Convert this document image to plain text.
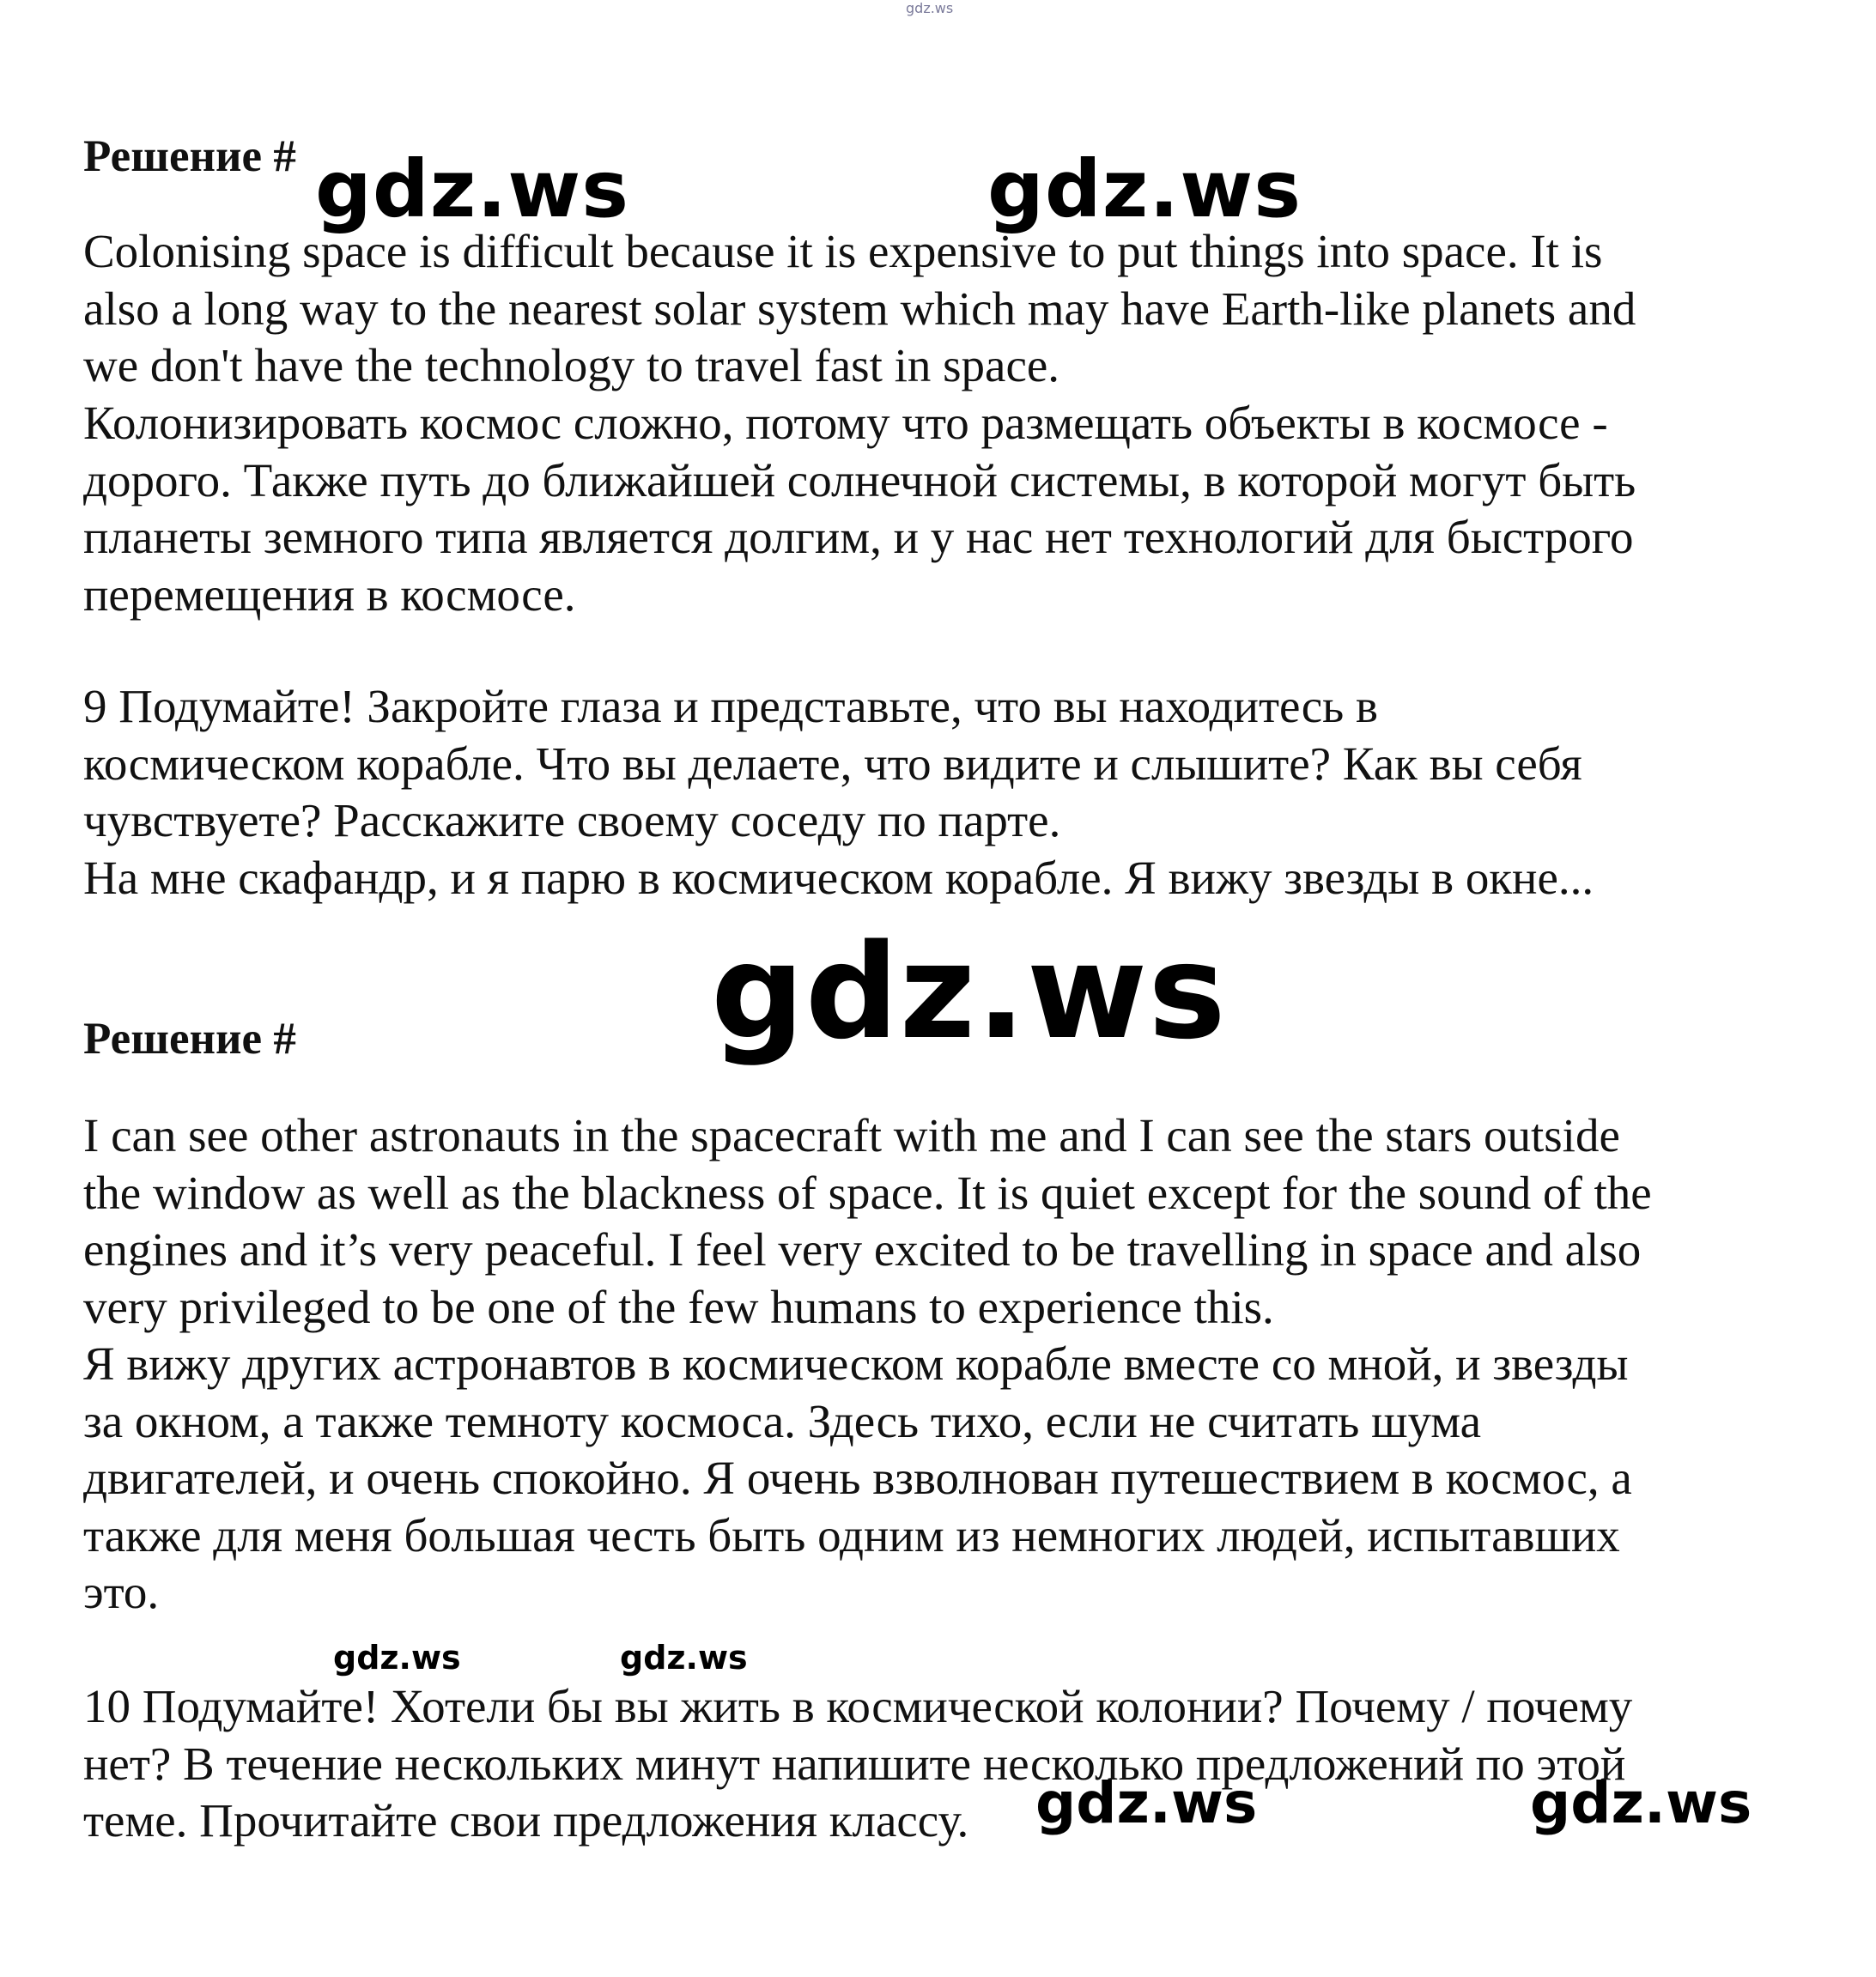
gdz.ws
gdz.ws	gdz.ws
gdz.ws
gdz.ws	gdz.ws
gdz.ws	gdz.ws
Решение #

Colonising space is difficult because it is expensive to put things into space. It is

also a long way to the nearest solar system which may have Earth-like planets and

we don't have the technology to travel fast in space.

Колонизировать космос сложно, потому что размещать объекты в космосе -

дорого. Также путь до ближайшей солнечной системы, в которой могут быть

планеты земного типа является долгим, и у нас нет технологий для быстрого

перемещения в космосе.

9 Подумайте! Закройте глаза и представьте, что вы находитесь в

космическом корабле. Что вы делаете, что видите и слышите? Как вы себя

чувствуете? Расскажите своему соседу по парте.

На мне скафандр, и я парю в космическом корабле. Я вижу звезды в окне...

Решение #

I can see other astronauts in the spacecraft with me and I can see the stars outside

the window as well as the blackness of space. It is quiet except for the sound of the

engines and it’s very peaceful. I feel very excited to be travelling in space and also

very privileged to be one of the few humans to experience this.

Я вижу других астронавтов в космическом корабле вместе со мной, и звезды

за окном, а также темноту космоса. Здесь тихо, если не считать шума

двигателей, и очень спокойно. Я очень взволнован путешествием в космос, а

также для меня большая честь быть одним из немногих людей, испытавших

это.

10 Подумайте! Хотели бы вы жить в космической колонии? Почему / почему

нет? В течение нескольких минут напишите несколько предложений по этой

теме. Прочитайте свои предложения классу.
